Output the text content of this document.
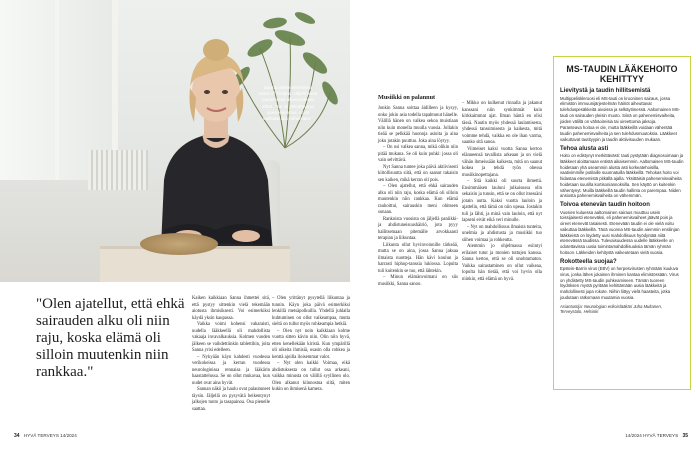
Sanna näkiin tolerisissa Voice of Finland -ohjelmassa laulamassa alkuvuodesta 2024. "Se oli järkyttävä ja upea kokemus, enkä vaihtaisi sitä mihinkään."
"Olen ajatellut, että ehkä sairauden alku oli niin raju, koska elämä oli silloin muutenkin niin rankkaa."

Kaiken kaikkiaan Sanna ihmettei sitä, että pystyy sittenkin vielä tekemään aiotusta ihmisiksesti. Voi esimerkiksi käydä yksin kaupassa.

Vaikka voimi kohensi vaharaisti, uudella lääkkeellä oli mahdollista vakaaja invavalkauksia. Kolmen vuoden jälkeen se vaihdettiinkin tablettihin, joita Sanna yrisi edelleen.

– Nykyään käyn kahdesti vuodessa verikokeissa ja kerran vuodessa neurologinissa rennaisa ja lääkärin haastattelussa. Se on ollut mukavaa, kun uudet ovat aina hyvät.

Sannan näkö ja haulu ovat palautuneet täysin. Jäljellä on pysyvätä heikentynyt jalkojen tunto ja tasapainoa. Osa pienelle saattaa.

– Olen yrittänyt pysytellä liikuntaa ja tunnin. Käyn joka päivä esimerkiksi lenkillä metsäpolkuilla. Yhdellä juhlalla huhtuminen on ollut vaikeampaa, mutta sieltä on tullut myös rohkeampia hetkiä.

– Olen nyt noin kaikkiaan kolme vuotta sitten kävin niin. Olin niin hyvä, etten kenellekään kiristä. Kun ympärillä oli oikeita ihmisiä, osasin olla rohkea ja kenttä ajoilla iloisemmat valot.

– Nyt olen kaikki Voimaa, eikä ahdistuksesta on tullut osa arkeani, vaikka minusta on välillä syyllinen olo. Olen alkanut kiinnostua siitä, miten kukin on ihmisenä kamera.

Musiikki on palannut

Jonkin Sanna soittaa äidilleen ja kysyy, onko jokin asia todella tapahtunut hänelle. Välillä hänen on valkea sekoa muistiaan niin kuin monella muulla vuosia. Jollakin tieää se pelkkää huonoja asioita ja aina joku jotakin puuttuu. Joka aina löytyy.

– On osi valkea sanna, mikä olikin niin pitää mukana. Se oli kuin puhki: jossa oli vain selvittävä.

Nyt Sanna tuntee joka päivä aktiivisesti kiitollisuutta siitä, että on saanut takaisin sen kaiken, mikä kerran oli pois.

– Olen ajatellut, että ehkä sairauden alku oli niin raju, koska elämä oli silloin muutenkin niin rankkaa. Kun elämä rauhoittui, sairauskin meni ohitseen sonaan.

Rankoista vuosista on jäljellä paniikki- ja ahdistuneisuushäiriö, jota pyyy hallitsemaan pitemälle arvokkaasti terapian ja liikuntaa.

Liikunta ollut hyvinvoinnille tärkeää, mutta se on aina, jossa Sanna jaksaa ilmaista nuotteja. Hän kävi koulun ja harrasti hiphop-tanssia lukiossa. Lopulta tuli kuitenkin se tuo, että lähtekin.

– Minun elämänvoimani on siis musiikki, Sanna sanoo.

– Mikko on kulkenut rinnalla ja jakanut kanssani niin synkimmät kuin kirkkaimmat ajat. Ilman häntä en olisi tässä. Nautin myös yhdessä laulamisesta, yhdessä tanssimisesta ja kaikesta, mitä voimme tehdä, vaikka en ole ihan varma, saanko sitä sanoa.

Viimeiset kaksi vuotta Sanna kertoo elänneensä tavallista arkeaan ja on vielä vähän ihmeissään kaikesta, mitä on saanut kokea ja tehdä työn ohessa musiikinopettajana.

– Sitä kaikki oli suurta ihmettä. Ensimmäisen lauluni julkaisussa olin sekaisin ja tunsin, että se on ollut itsessäni jotain uutta. Kaksi vuotta lauloin ja ajattelin, että tämä on niin upeaa. Jostakin tuli ja lähti, ja minä vain lauloin, että nyt lapseni eivät eikä veri minulle.

– Nyt on mahdollisuus ilmaista tunteita, unelmia ja ahdistusta ja musiikki tuo siihen voimaa ja rohkeutta.

Aiemmin jo ohjelmassa esiintyi erilaiset tutut ja monien tuttujen kanssa. Sanna kertoo, että se oli unohtumaton. Vaikka sairastaminen on ollut vaikeaa, lopulta hän tietää, että voi hyvin olla niinkin, että elämä on hyvä.

MS-TAUDIN LÄÄKEHOITO KEHITTYY
Lievitystä ja taudin hillitsemistä

Multippeliskleroosi eli MS-tauti on krooninen sairaus, jossa elimistön immuunijärjestelmän häiriöt aiheuttavat tulehduspesäkkeitä aivoissa ja selkäytimessä. Aaltomainen MS-tauti on sairauden yleisin muoto. Siinä on pahenemisvaiheita, joiden välillä on vähäoireisia tai oireettomia jaksoja.

Paranteava hoitoa ei ole, mutta lääkkeillä voidaan vähentää taudin pahenemisvaiheita ja sen tulehdusmuutoksia. Lääkkeet vaikuttavat tautityypin ja taudin aktiivisuuden mukaan.

Tehoa alusta asti

Hoito on edistynyt merkittävästi: tauti pystytään diagnosoimaan ja lääkkeet aloittamaan entistä aikaisemmin. Aaltomaisen MS-taudin hoidetaan yhä useammin alusta asti korkeatehoisilla, vaativimmille potilaille suunnatuilla lääkkeillä. Tehokas hoito voi hidastaa etenemistä pitkällä ajalla. Yksittäisiä pahenemisvaiheita hoidetaan suurilla kortisoniannoksilla. Sen käyttö on kuitenkin vähentynyt. Muilla lääkkeillä taudin hallinta on parempaa. Niiden ansiosta pahenemisvaiheita on vähemmän.

Toivoa etenevän taudin hoitoon

Vuosien kuluessa aaltomainen sairaus muuttuu usein toissijaisesti eteneväksi, eli pahenemisvaiheet jäävät pois ja oireet etenevät tasaisesti. Etenevään taudin ei ole vielä voitu vaikuttaa lääkkeillä. Tänä vuonna MS-taudin aiemmin ensilinjan lääkkeistä on löydetty uusi mahdollisuus hyödyntää niitä etenevässä taudissa. Tulevaisuudessa uudelle lääkkeelle on odotettavissa uusia toimintamahdollisuuksia tämän ryhmän hoitoon. Läkkeiden kehitystä vaikeutetaan vielä vuosia.

Rokotteella suojaa?

Epstein-Barrin virus (EBV) on herpesvirusten ryhmään kuuluva virus, jonka lähes jokainen ihminen kantaa elimistössään. Virus on yhdistetty MS-taudin puhkeamiseen. Tämän tuoreen löydöksen myötä pyritään kehittämään uusia lääkkeitä ja mahdollisesti jopa rokote. Niihin liittyy vielä haasteita, jotka joudutaan ratkomaan muutamia vuosia.

Asiantuntija: Neurologian erikoislääkäri Juha Multanen, Terveystalo, Helsinki
34 HYVÄ TERVEYS 14/2024	14/2024 HYVÄ TERVEYS 35
